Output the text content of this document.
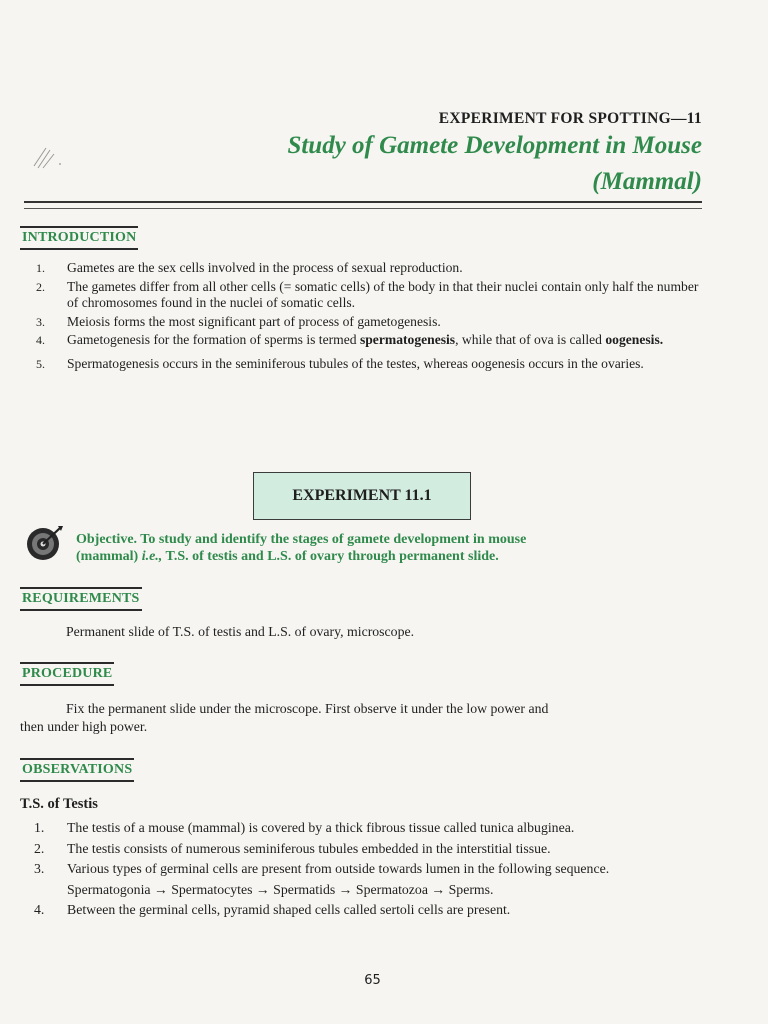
EXPERIMENT FOR SPOTTING—11
Study of Gamete Development in Mouse
(Mammal)
INTRODUCTION
1. Gametes are the sex cells involved in the process of sexual reproduction.
2. The gametes differ from all other cells (= somatic cells) of the body in that their nuclei contain only half the number of chromosomes found in the nuclei of somatic cells.
3. Meiosis forms the most significant part of process of gametogenesis.
4. Gametogenesis for the formation of sperms is termed spermatogenesis, while that of ova is called oogenesis.
5. Spermatogenesis occurs in the seminiferous tubules of the testes, whereas oogenesis occurs in the ovaries.
EXPERIMENT 11.1
Objective. To study and identify the stages of gamete development in mouse
(mammal) i.e., T.S. of testis and L.S. of ovary through permanent slide.
REQUIREMENTS
Permanent slide of T.S. of testis and L.S. of ovary, microscope.
PROCEDURE
Fix the permanent slide under the microscope. First observe it under the low power and
then under high power.
OBSERVATIONS
T.S. of Testis
1. The testis of a mouse (mammal) is covered by a thick fibrous tissue called tunica albuginea.
2. The testis consists of numerous seminiferous tubules embedded in the interstitial tissue.
3. Various types of germinal cells are present from outside towards lumen in the following sequence.
Spermatogonia → Spermatocytes → Spermatids → Spermatozoa → Sperms.
4. Between the germinal cells, pyramid shaped cells called sertoli cells are present.
65
